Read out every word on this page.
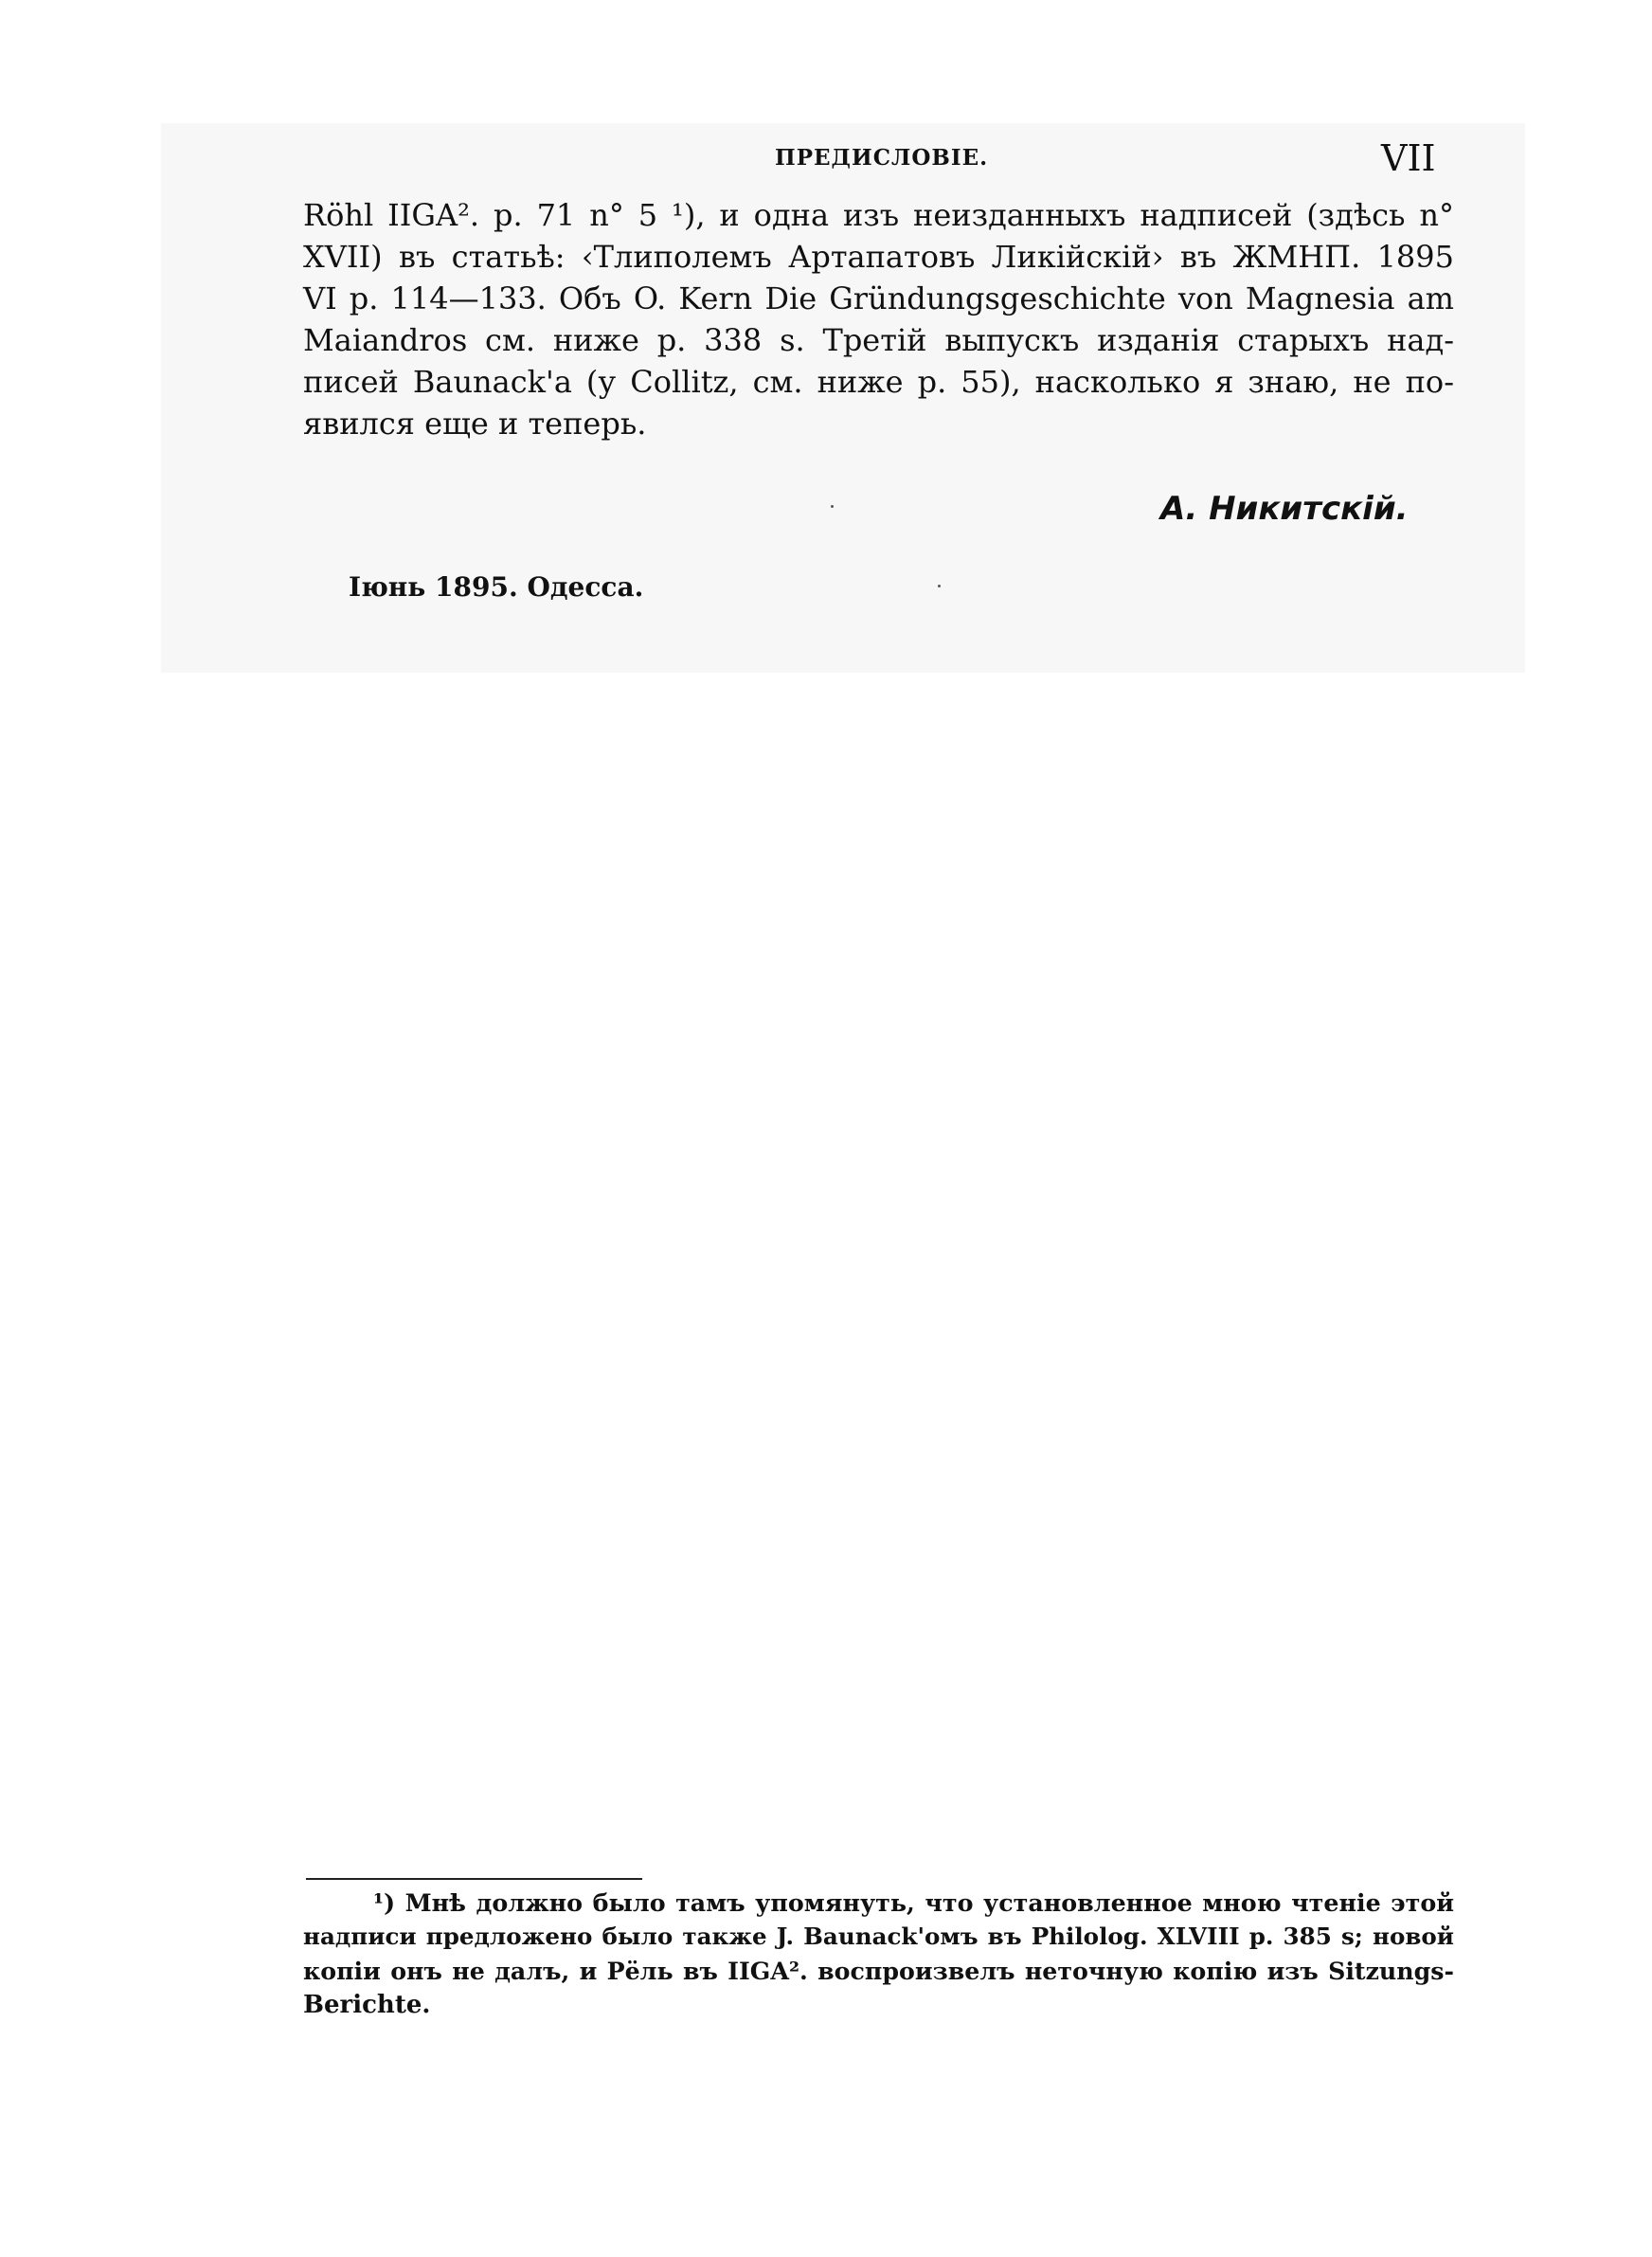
ПРЕДИСЛОВІЕ.	VII
Röhl IIGA². p. 71 n° 5 ¹), и одна изъ неизданныхъ надписей (здѣсь n°
XVII) въ статьѣ: ‹Тлиполемъ Артапатовъ Ликiйскій› въ ЖМНП. 1895
VI p. 114—133. Объ O. Kern Die Gründungsgeschichte von Magnesia am
Maiandros см. ниже p. 338 s. Третій выпускъ изданія старыхъ над-
писей Baunack'a (у Collitz, см. ниже p. 55), насколько я знаю, не по-
явился еще и теперь.
А. Никитскій.
Іюнь 1895. Одесса.
¹) Мнѣ должно было тамъ упомянуть, что установленное мною чтеніе этой
надписи предложено было также J. Baunack'омъ въ Philolog. XLVIII p. 385 s; новой
копіи онъ не далъ, и Рёль въ IIGA². воспроизвелъ неточную копію изъ Sitzungs-
Berichte.
